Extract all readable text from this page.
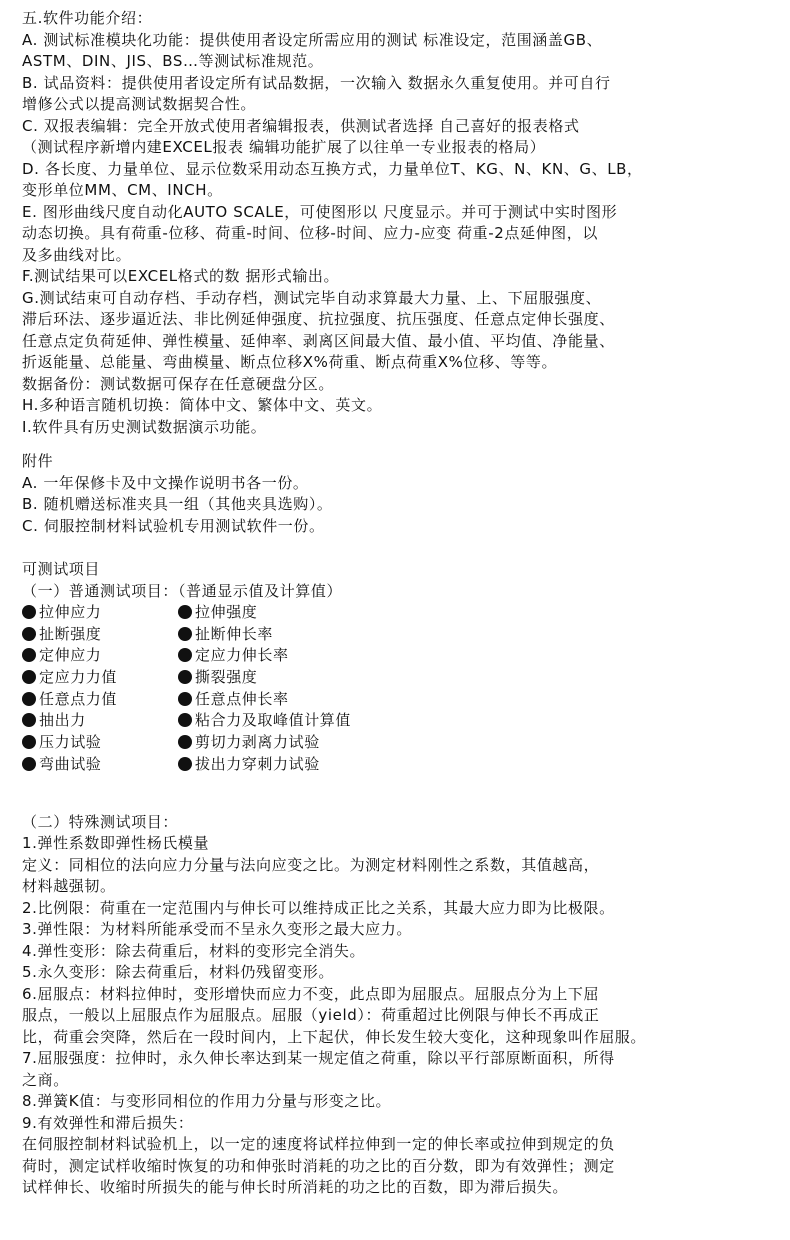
五.软件功能介绍：

A. 测试标准模块化功能：提供使用者设定所需应用的测试 标准设定，范围涵盖GB、

ASTM、DIN、JIS、BS…等测试标准规范。

B. 试品资料：提供使用者设定所有试品数据，一次输入 数据永久重复使用。并可自行

增修公式以提高测试数据契合性。

C. 双报表编辑：完全开放式使用者编辑报表，供测试者选择 自己喜好的报表格式

（测试程序新增内建EXCEL报表 编辑功能扩展了以往单一专业报表的格局）

D. 各长度、力量单位、显示位数采用动态互换方式，力量单位T、KG、N、KN、G、LB，

变形单位MM、CM、INCH。

E. 图形曲线尺度自动化AUTO SCALE，可使图形以 尺度显示。并可于测试中实时图形

动态切换。具有荷重-位移、荷重-时间、位移-时间、应力-应变 荷重-2点延伸图，以

及多曲线对比。

F.测试结果可以EXCEL格式的数 据形式输出。

G.测试结束可自动存档、手动存档，测试完毕自动求算最大力量、上、下屈服强度、

滞后环法、逐步逼近法、非比例延伸强度、抗拉强度、抗压强度、任意点定伸长强度、

任意点定负荷延伸、弹性模量、延伸率、剥离区间最大值、最小值、平均值、净能量、

折返能量、总能量、弯曲模量、断点位移X%荷重、断点荷重X%位移、等等。

数据备份：测试数据可保存在任意硬盘分区。

H.多种语言随机切换：简体中文、繁体中文、英文。

I.软件具有历史测试数据演示功能。

附件

A. 一年保修卡及中文操作说明书各一份。

B. 随机赠送标准夹具一组（其他夹具选购）。

C. 伺服控制材料试验机专用测试软件一份。

可测试项目

（一）普通测试项目：（普通显示值及计算值）

拉伸应力	拉伸强度

扯断强度	扯断伸长率

定伸应力	定应力伸长率

定应力力值	撕裂强度

任意点力值	任意点伸长率

抽出力	粘合力及取峰值计算值

压力试验	剪切力剥离力试验

弯曲试验	拔出力穿刺力试验

（二）特殊测试项目：

1.弹性系数即弹性杨氏模量

定义：同相位的法向应力分量与法向应变之比。为测定材料刚性之系数，其值越高，

材料越强韧。

2.比例限：荷重在一定范围内与伸长可以维持成正比之关系，其最大应力即为比极限。

3.弹性限：为材料所能承受而不呈永久变形之最大应力。

4.弹性变形：除去荷重后，材料的变形完全消失。

5.永久变形：除去荷重后，材料仍残留变形。

6.屈服点：材料拉伸时，变形增快而应力不变，此点即为屈服点。屈服点分为上下屈

服点，一般以上屈服点作为屈服点。屈服（yield）：荷重超过比例限与伸长不再成正

比，荷重会突降，然后在一段时间内，上下起伏，伸长发生较大变化，这种现象叫作屈服。

7.屈服强度：拉伸时，永久伸长率达到某一规定值之荷重，除以平行部原断面积，所得

之商。

8.弹簧K值：与变形同相位的作用力分量与形变之比。

9.有效弹性和滞后损失：

在伺服控制材料试验机上，以一定的速度将试样拉伸到一定的伸长率或拉伸到规定的负

荷时，测定试样收缩时恢复的功和伸张时消耗的功之比的百分数，即为有效弹性；测定

试样伸长、收缩时所损失的能与伸长时所消耗的功之比的百数，即为滞后损失。
